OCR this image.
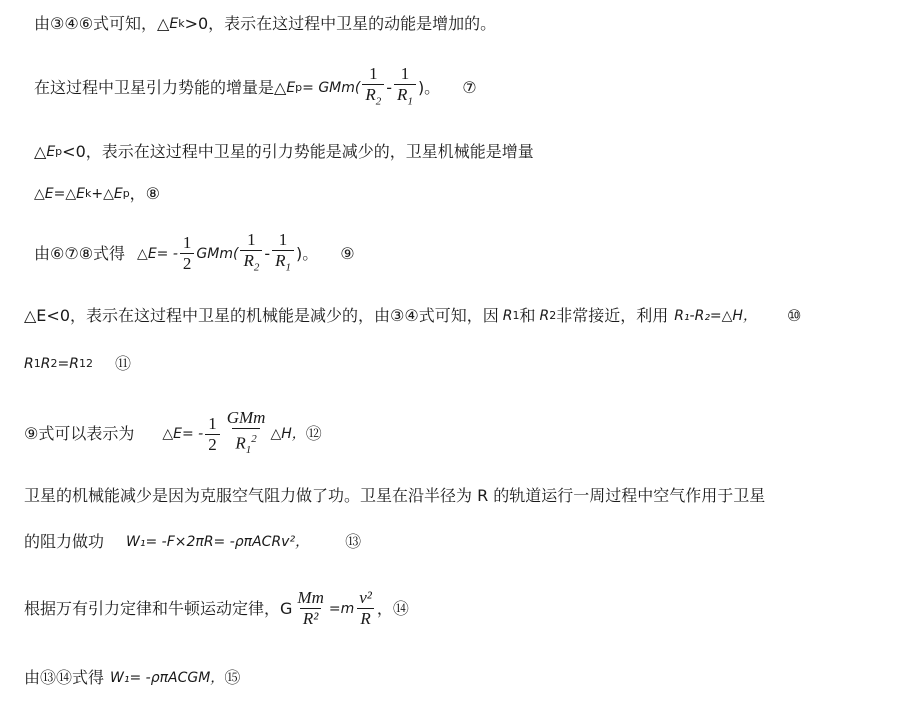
由③④⑥式可知，△ E k >0，表示在这过程中卫星的动能是增加的。
在这过程中卫星引力势能的增量是△ E $p = GMm( \frac{1}{R_2} - \frac{1}{R_1}$ )。 ⑦
△ E p <0，表示在这过程中卫星的引力势能是减少的，卫星机械能是增量
△E=△E k +△E p ，⑧
由⑥⑦⑧式得 △E= - $\frac{1}{2} GMm( \frac{1}{R_2} - \frac{1}{R_1}$ )。 ⑨
△E<0，表示在这过程中卫星的机械能是减少的，由③④式可知，因 R 1 和 R 2 非常接近，利用 R₁-R₂=△H， ⑩
R 1 R 2 =R 1 2 ⑪
⑨式可以表示为 △E= - $\frac{1}{2} \frac{\text{GMm}}{R_1^2}$ △H， ⑫
卫星的机械能减少是因为克服空气阻力做了功。卫星在沿半径为 R 的轨道运行一周过程中空气作用于卫星
的阻力做功 W₁= -F×2πR= -ρπACRv²， ⑬
根据万有引力定律和牛顿运动定律，G $\frac{Mm}{\text{R²}} =m \frac{\text{v²}}{R}$ ， ⑭
由⑬⑭式得 W₁= -ρπACGM， ⑮
